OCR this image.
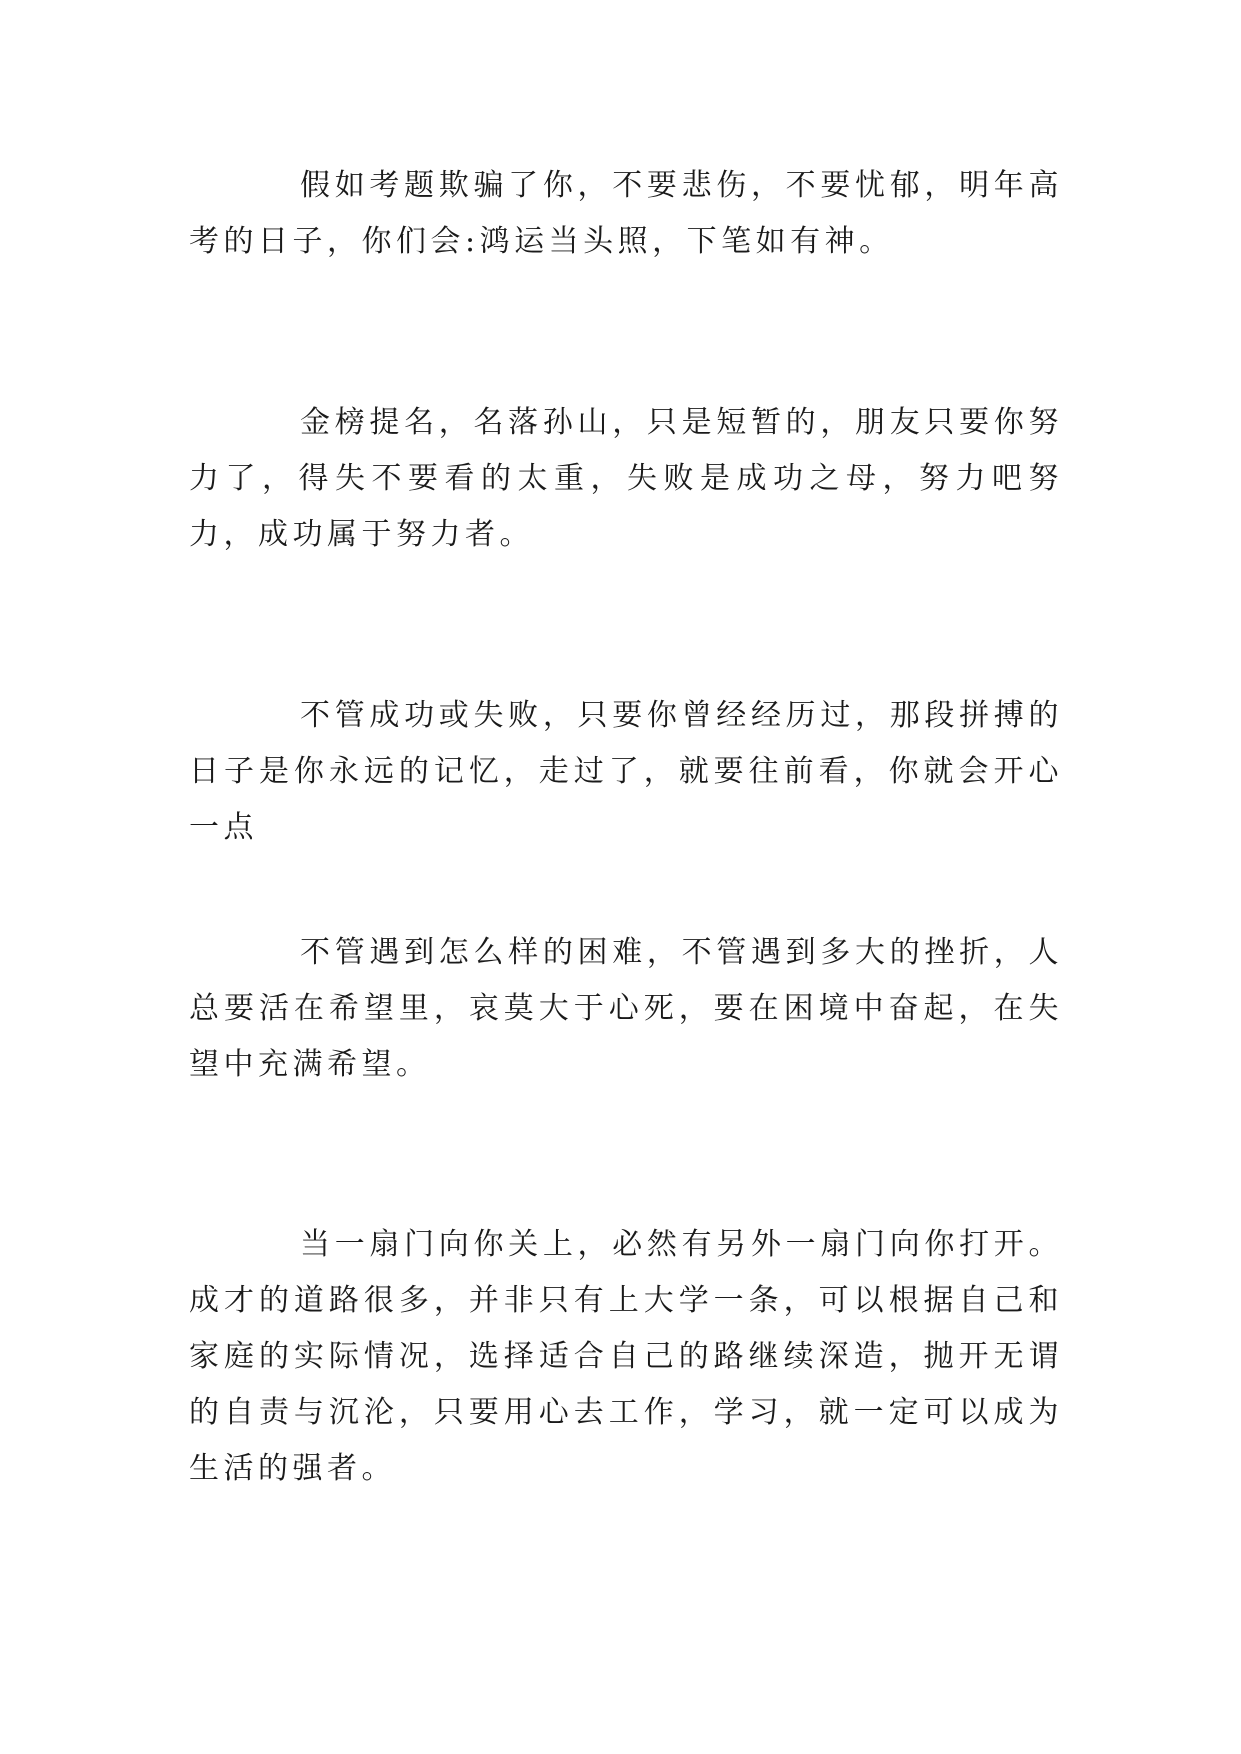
假如考题欺骗了你，不要悲伤，不要忧郁，明年高考的日子，你们会:鸿运当头照，下笔如有神。

金榜提名，名落孙山，只是短暂的，朋友只要你努力了，得失不要看的太重，失败是成功之母，努力吧努力，成功属于努力者。

不管成功或失败，只要你曾经经历过，那段拼搏的日子是你永远的记忆，走过了，就要往前看，你就会开心一点

不管遇到怎么样的困难，不管遇到多大的挫折，人总要活在希望里，哀莫大于心死，要在困境中奋起，在失望中充满希望。

当一扇门向你关上，必然有另外一扇门向你打开。成才的道路很多，并非只有上大学一条，可以根据自己和家庭的实际情况，选择适合自己的路继续深造，抛开无谓的自责与沉沦，只要用心去工作，学习，就一定可以成为生活的强者。
